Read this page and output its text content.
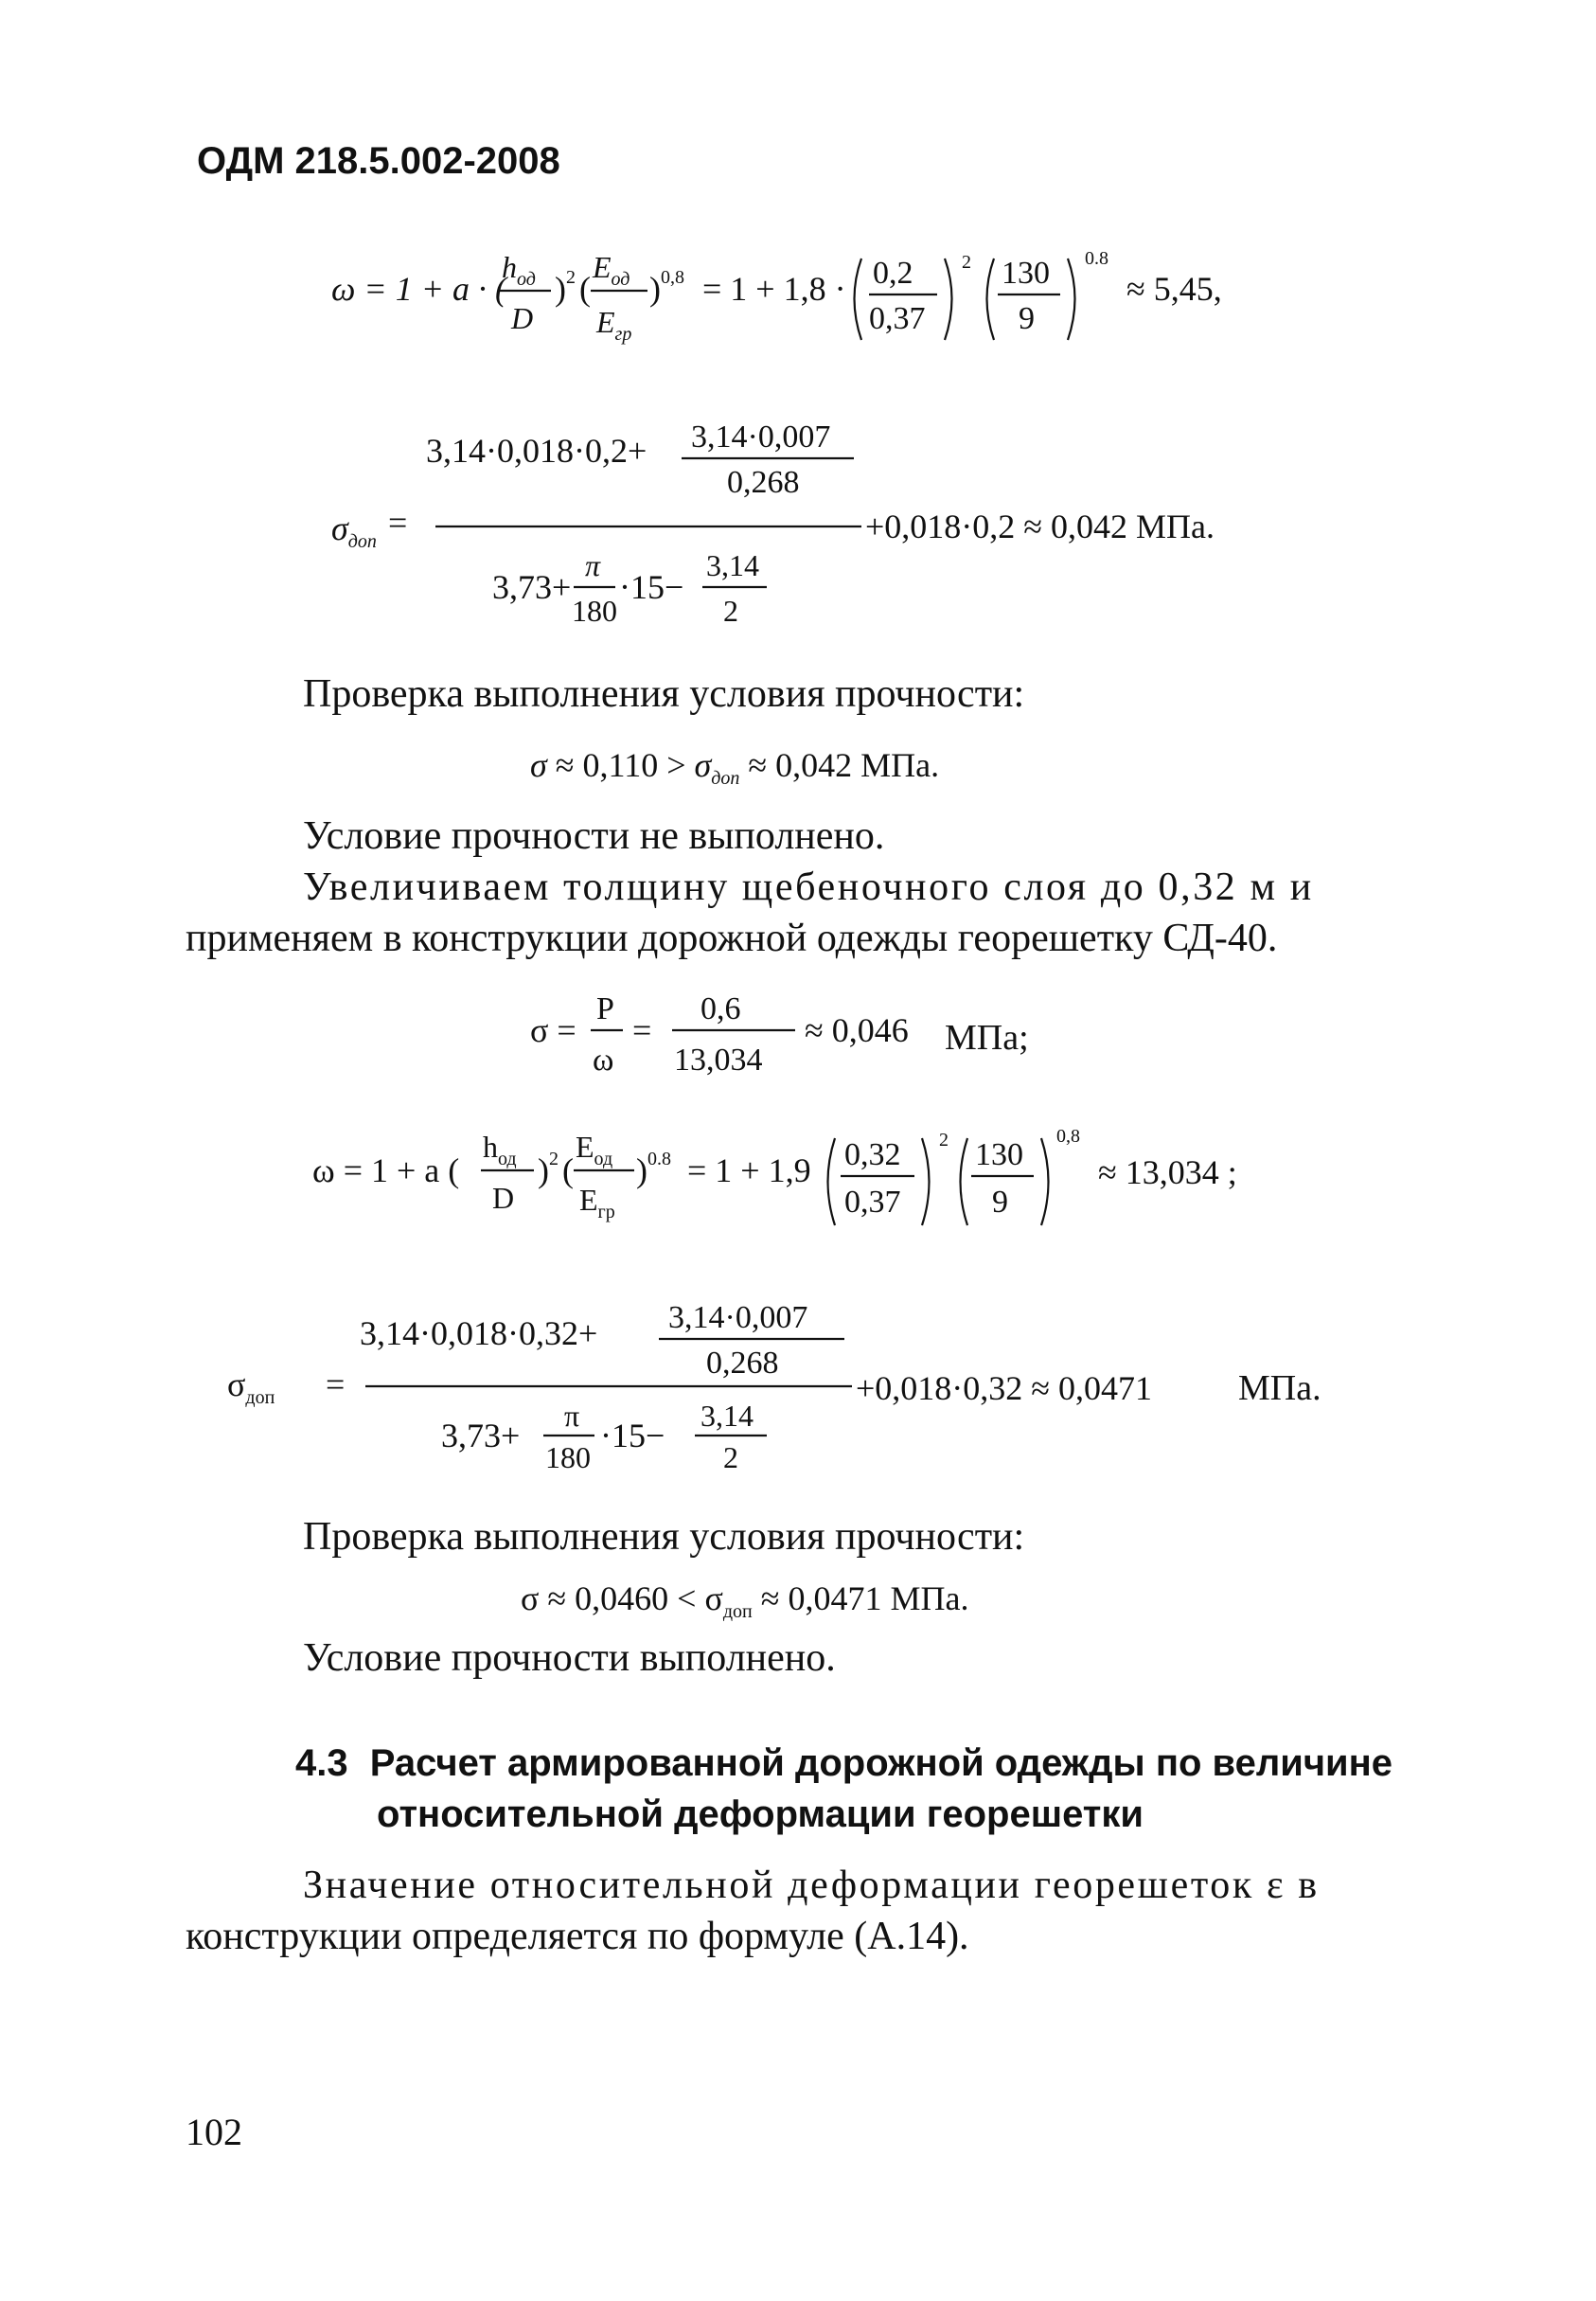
ОДМ 218.5.002-2008
ω = 1 + a · (
$h_{од}$
D
) 2 (
$E_{од}$
$E_{гр}$
) 0,8 = 1 + 1,8 · 0,2
0,37
2 130
9
0.8
≈ 5,45,
3,14·0,018·0,2+ 3,14·0,007
0,268
$\sigma_{доп}$ =	+0,018·0,2 ≈ 0,042 МПа.
3,73+
π
180
·15−
3,14
2
Проверка выполнения условия прочности:
$\sigma \approx 0,110 > \sigma_{доп} \approx 0,042$ МПа.
Условие прочности не выполнено.
Увеличиваем толщину щебеночного слоя до 0,32 м и
применяем в конструкции дорожной одежды георешетку СД-40.
σ =
P
ω
=
0,6
13,034
≈ 0,046 МПа;
ω = 1 + a (
$h_{од}$
D
) 2 (
$E_{од}$
$E_{гр}$
) 0.8 = 1 + 1,9 0,32
0,37
2 130
9
0,8
≈ 13,034 ;
3,14·0,018·0,32+ 3,14·0,007
0,268
$\sigma_{доп}$ =	+0,018·0,32 ≈ 0,0471 МПа.
3,73+
π
180
·15−
3,14
2
Проверка выполнения условия прочности:
$\sigma \approx 0,0460 < \sigma_{доп} \approx 0,0471$ МПа.
Условие прочности выполнено.
4.3 Расчет армированной дорожной одежды по величине
относительной деформации георешетки
Значение относительной деформации георешеток ε в
конструкции определяется по формуле (А.14).
102
